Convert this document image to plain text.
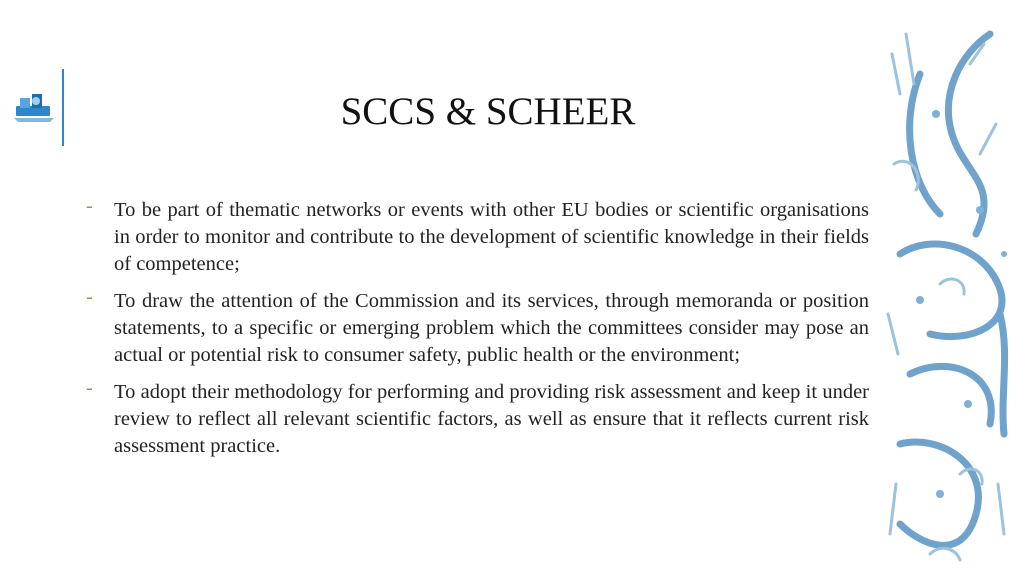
SCCS & SCHEER
- To be part of thematic networks or events with other EU bodies or scientific organisations in order to monitor and contribute to the development of scientific knowledge in their fields of competence;
- To draw the attention of the Commission and its services, through memoranda or position statements, to a specific or emerging problem which the committees consider may pose an actual or potential risk to consumer safety, public health or the environment;
- To adopt their methodology for performing and providing risk assessment and keep it under review to reflect all relevant scientific factors, as well as ensure that it reflects current risk assessment practice.
